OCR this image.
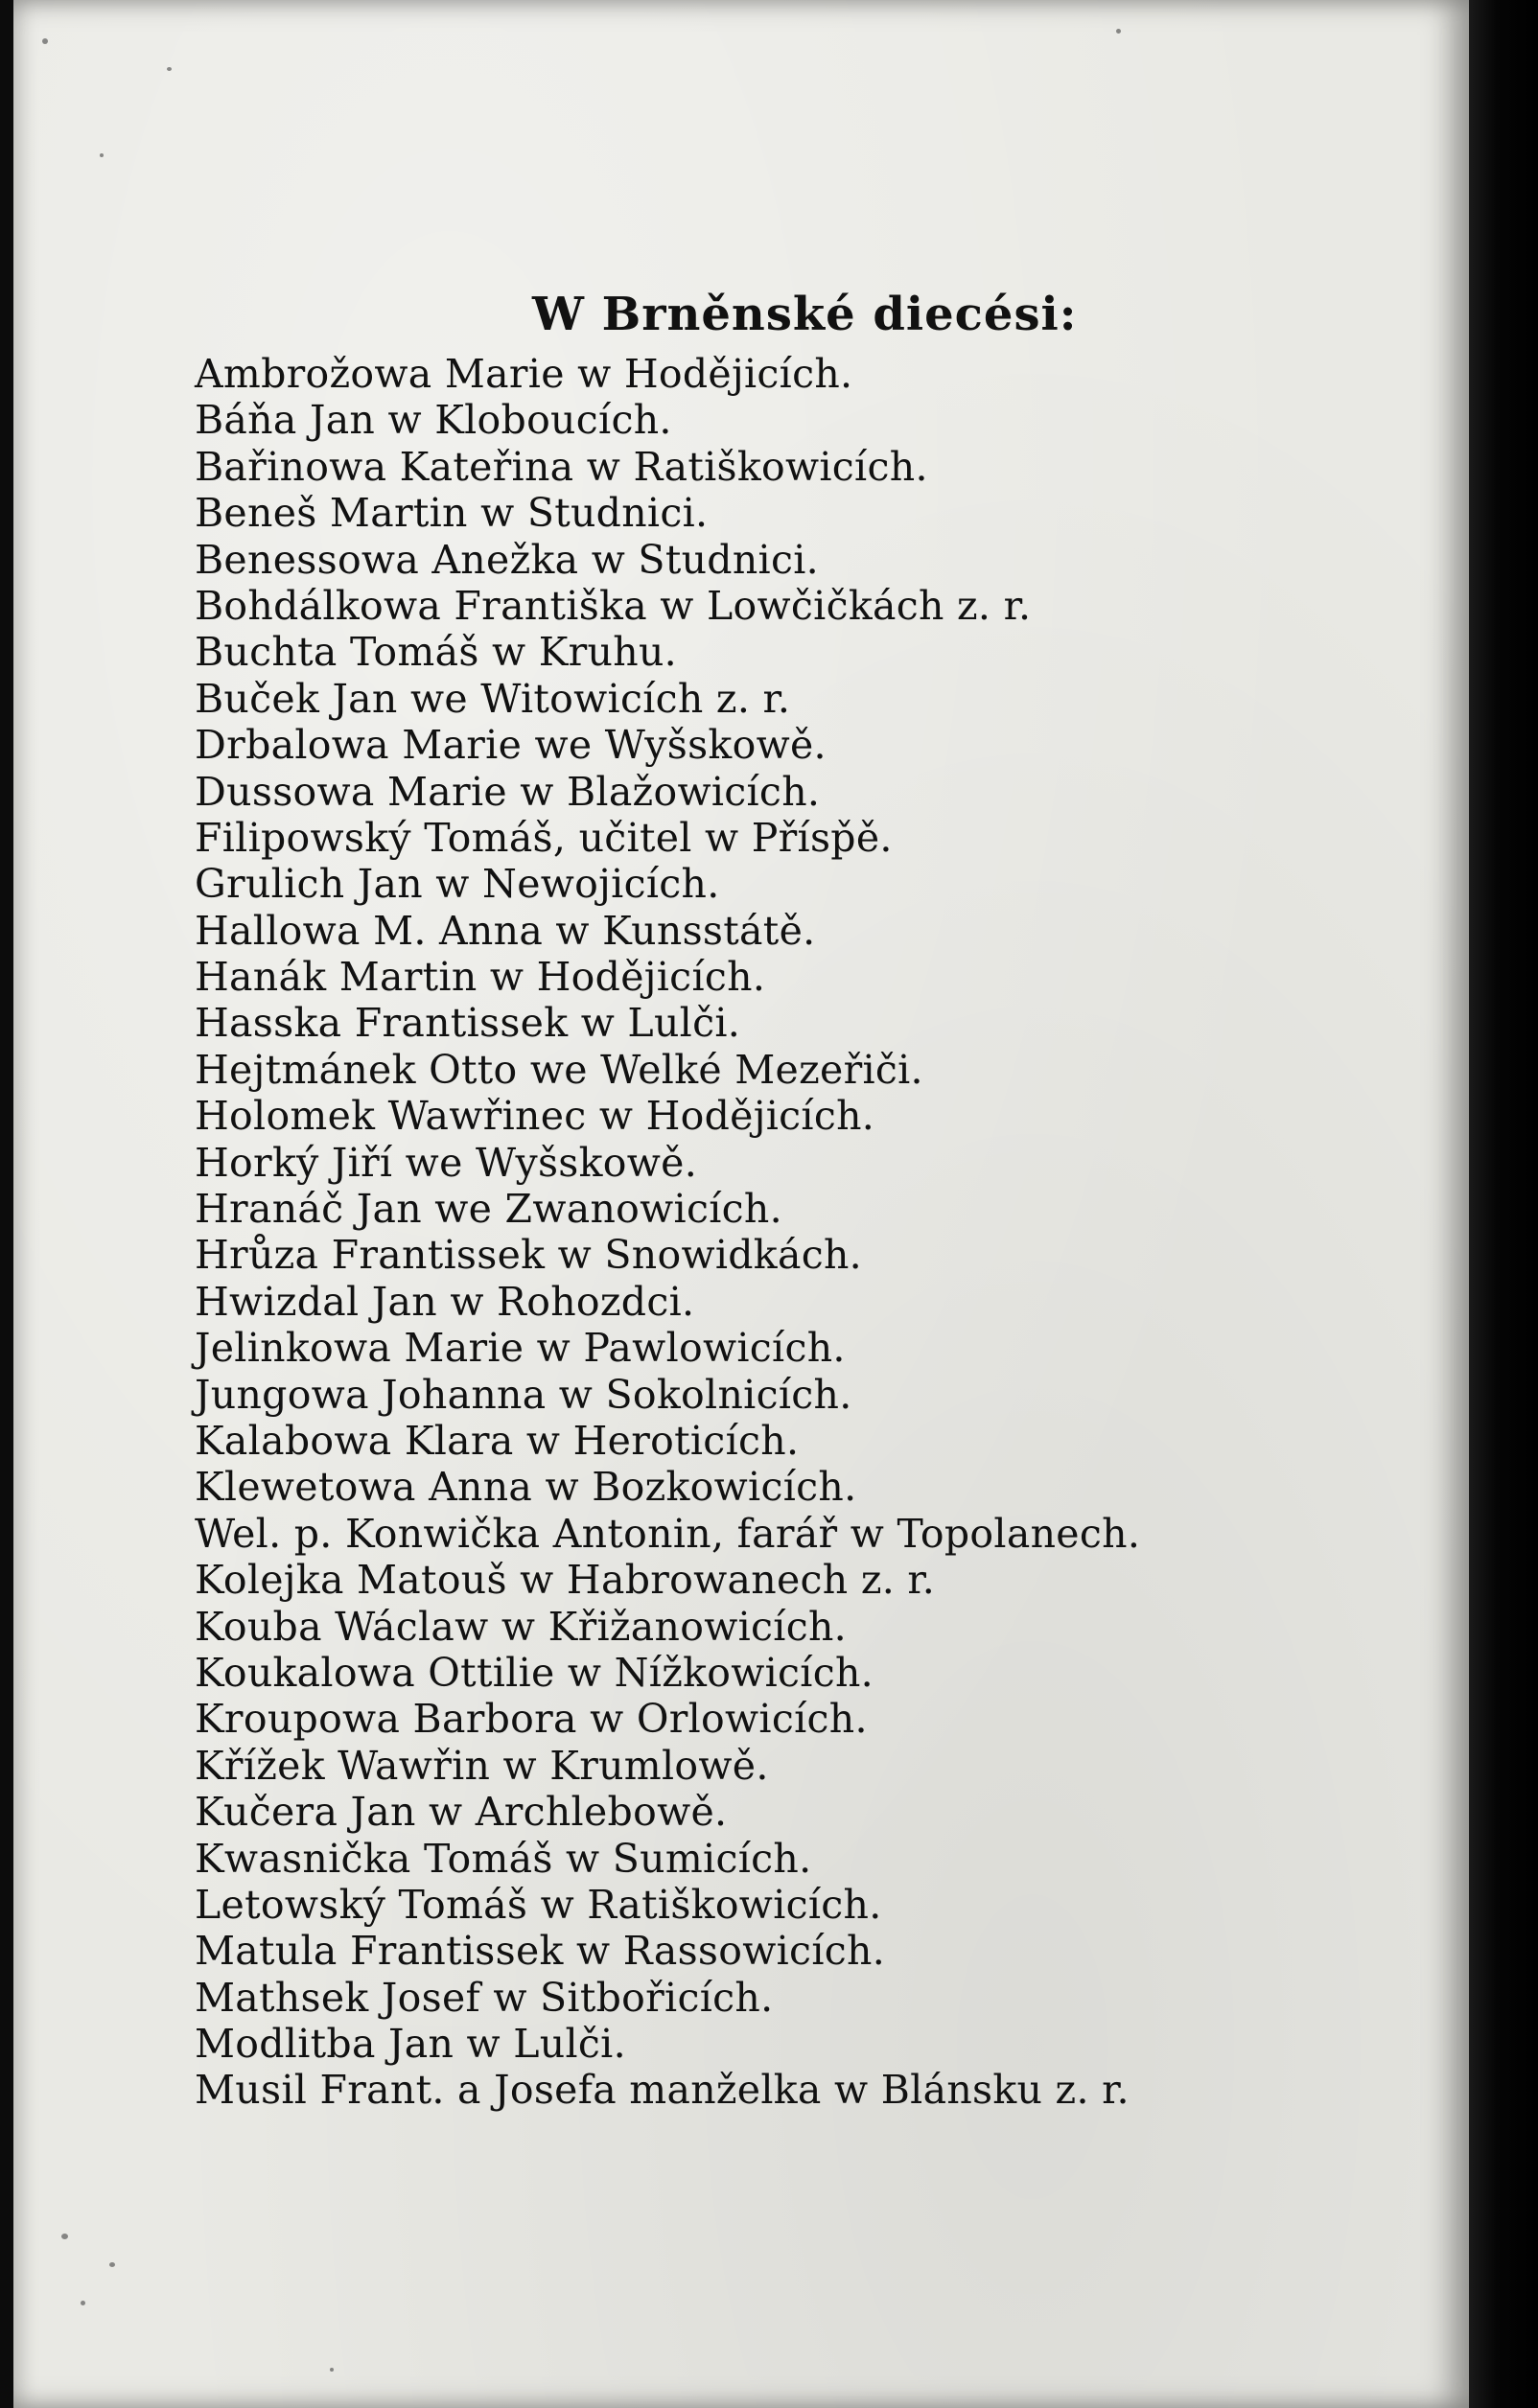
W Brněnské diecési:
Ambrožowa Marie w Hodějicích.
Báňa Jan w Kloboucích.
Bařinowa Kateřina w Ratiškowicích.
Beneš Martin w Studnici.
Benessowa Anežka w Studnici.
Bohdálkowa Františka w Lowčičkách z. r.
Buchta Tomáš w Kruhu.
Buček Jan we Witowicích z. r.
Drbalowa Marie we Wyšskowě.
Dussowa Marie w Blažowicích.
Filipowský Tomáš, učitel w Přísp̌ě.
Grulich Jan w Newojicích.
Hallowa M. Anna w Kunsstátě.
Hanák Martin w Hodějicích.
Hasska Frantissek w Lulči.
Hejtmánek Otto we Welké Mezeřiči.
Holomek Wawřinec w Hodějicích.
Horký Jiří we Wyšskowě.
Hranáč Jan we Zwanowicích.
Hrůza Frantissek w Snowidkách.
Hwizdal Jan w Rohozdci.
Jelinkowa Marie w Pawlowicích.
Jungowa Johanna w Sokolnicích.
Kalabowa Klara w Heroticích.
Klewetowa Anna w Bozkowicích.
Wel. p. Konwička Antonin, farář w Topolanech.
Kolejka Matouš w Habrowanech z. r.
Kouba Wáclaw w Křižanowicích.
Koukalowa Ottilie w Nížkowicích.
Kroupowa Barbora w Orlowicích.
Křížek Wawřin w Krumlowě.
Kučera Jan w Archlebowě.
Kwasnička Tomáš w Sumicích.
Letowský Tomáš w Ratiškowicích.
Matula Frantissek w Rassowicích.
Mathsek Josef w Sitbořicích.
Modlitba Jan w Lulči.
Musil Frant. a Josefa manželka w Blánsku z. r.
